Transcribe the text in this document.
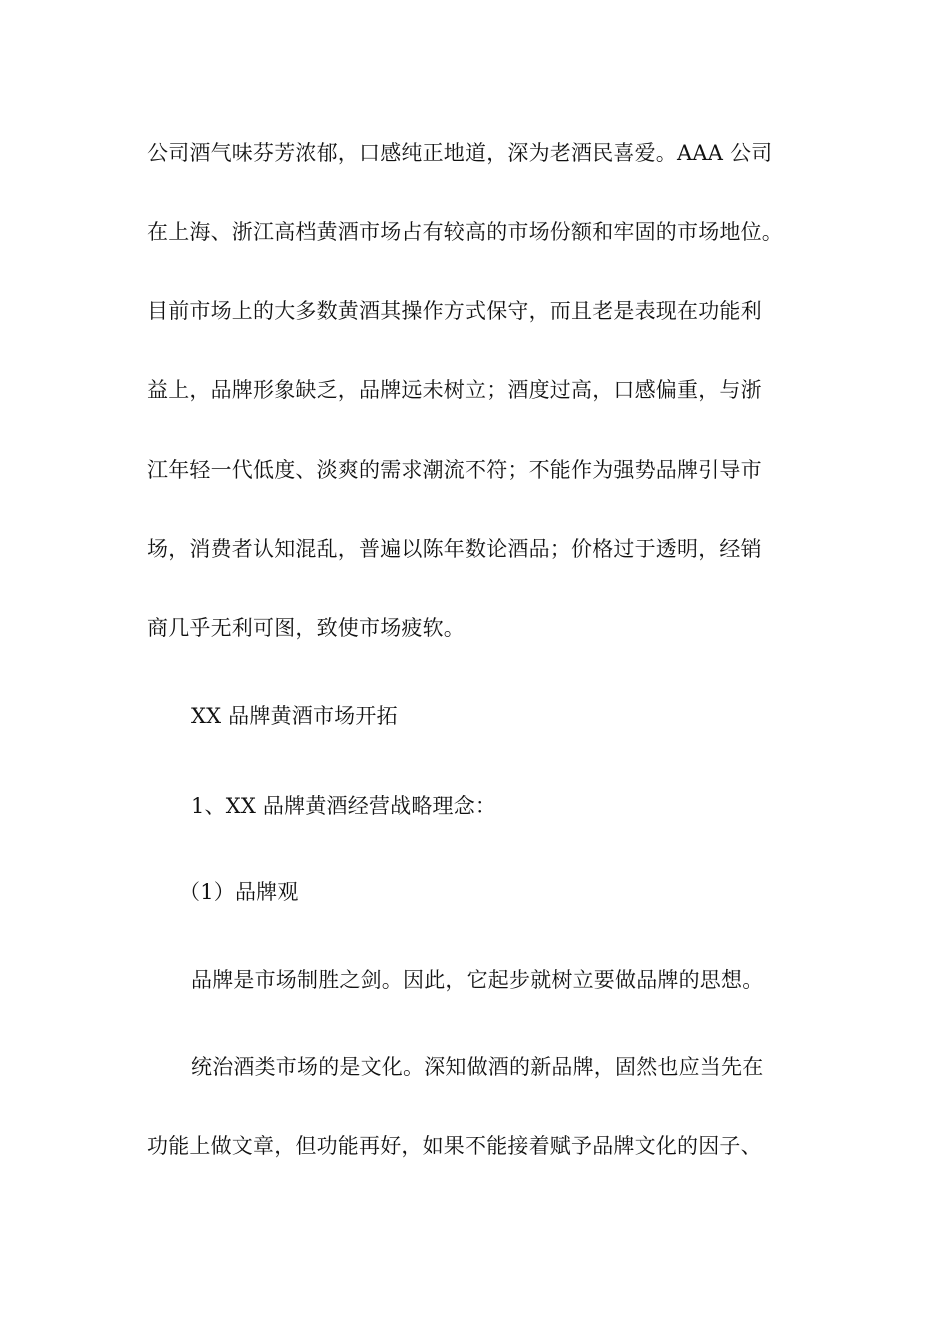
公司酒气味芬芳浓郁，口感纯正地道，深为老酒民喜爱。AAA 公司
在上海、浙江高档黄酒市场占有较高的市场份额和牢固的市场地位。
目前市场上的大多数黄酒其操作方式保守，而且老是表现在功能利
益上，品牌形象缺乏，品牌远未树立；酒度过高，口感偏重，与浙
江年轻一代低度、淡爽的需求潮流不符；不能作为强势品牌引导市
场，消费者认知混乱，普遍以陈年数论酒品；价格过于透明，经销
商几乎无利可图，致使市场疲软。
XX 品牌黄酒市场开拓
1、XX 品牌黄酒经营战略理念：
（1）品牌观
品牌是市场制胜之剑。因此，它起步就树立要做品牌的思想。
统治酒类市场的是文化。深知做酒的新品牌，固然也应当先在
功能上做文章，但功能再好，如果不能接着赋予品牌文化的因子、
